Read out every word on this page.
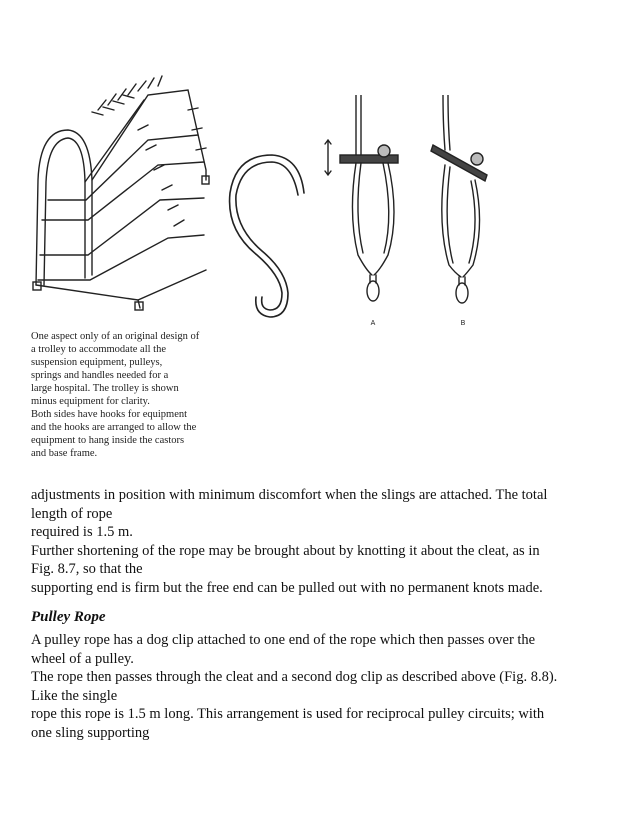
A	B
One aspect only of an original design of
a trolley to accommodate all the
suspension equipment, pulleys,
springs and handles needed for a
large hospital. The trolley is shown
minus equipment for clarity.
Both sides have hooks for equipment
and the hooks are arranged to allow the
equipment to hang inside the castors
and base frame.
adjustments in position with minimum discomfort when the slings are attached. The total
length of rope
required is 1.5 m.
Further shortening of the rope may be brought about by knotting it about the cleat, as in
Fig. 8.7, so that the
supporting end is firm but the free end can be pulled out with no permanent knots made.
Pulley Rope
A pulley rope has a dog clip attached to one end of the rope which then passes over the
wheel of a pulley.
The rope then passes through the cleat and a second dog clip as described above (Fig. 8.8).
Like the single
rope this rope is 1.5 m long. This arrangement is used for reciprocal pulley circuits; with
one sling supporting
